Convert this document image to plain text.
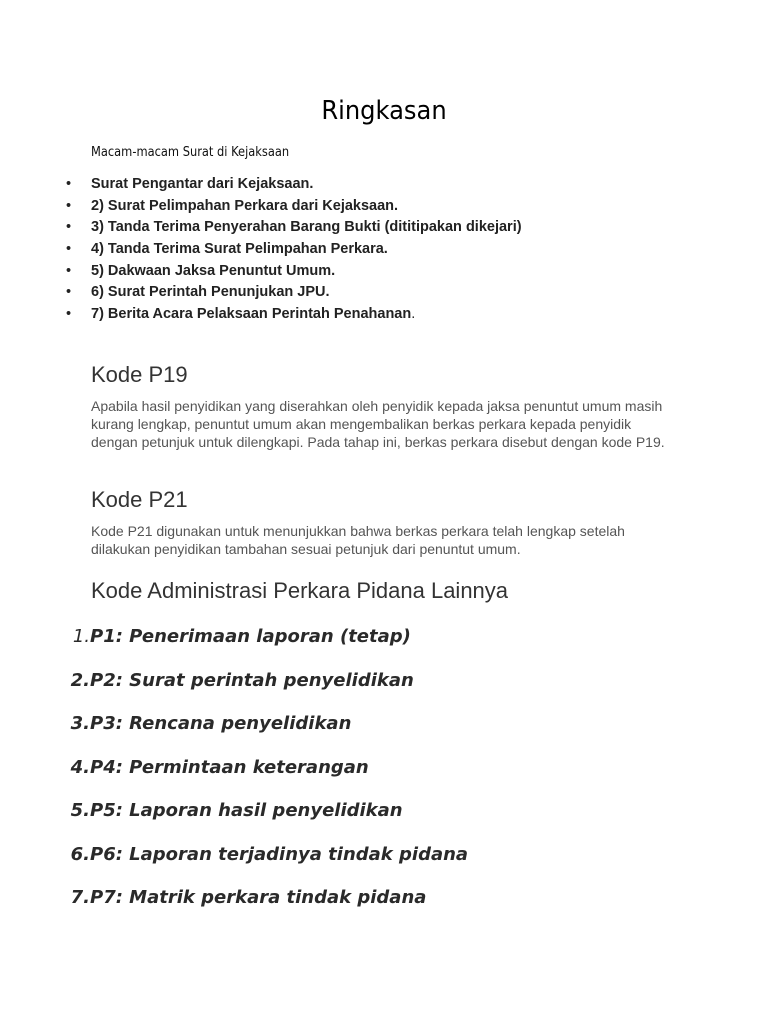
Ringkasan

Macam-macam Surat di Kejaksaan

• Surat Pengantar dari Kejaksaan.
• 2) Surat Pelimpahan Perkara dari Kejaksaan.
• 3) Tanda Terima Penyerahan Barang Bukti (dititipakan dikejari)
• 4) Tanda Terima Surat Pelimpahan Perkara.
• 5) Dakwaan Jaksa Penuntut Umum.
• 6) Surat Perintah Penunjukan JPU.
• 7) Berita Acara Pelaksaan Perintah Penahanan.
Kode P19

Apabila hasil penyidikan yang diserahkan oleh penyidik kepada jaksa penuntut umum masih kurang lengkap, penuntut umum akan mengembalikan berkas perkara kepada penyidik dengan petunjuk untuk dilengkapi. Pada tahap ini, berkas perkara disebut dengan kode P19.

Kode P21

Kode P21 digunakan untuk menunjukkan bahwa berkas perkara telah lengkap setelah dilakukan penyidikan tambahan sesuai petunjuk dari penuntut umum.

Kode Administrasi Perkara Pidana Lainnya
1. P1: Penerimaan laporan (tetap)
2. P2: Surat perintah penyelidikan
3. P3: Rencana penyelidikan
4. P4: Permintaan keterangan
5. P5: Laporan hasil penyelidikan
6. P6: Laporan terjadinya tindak pidana
7. P7: Matrik perkara tindak pidana
